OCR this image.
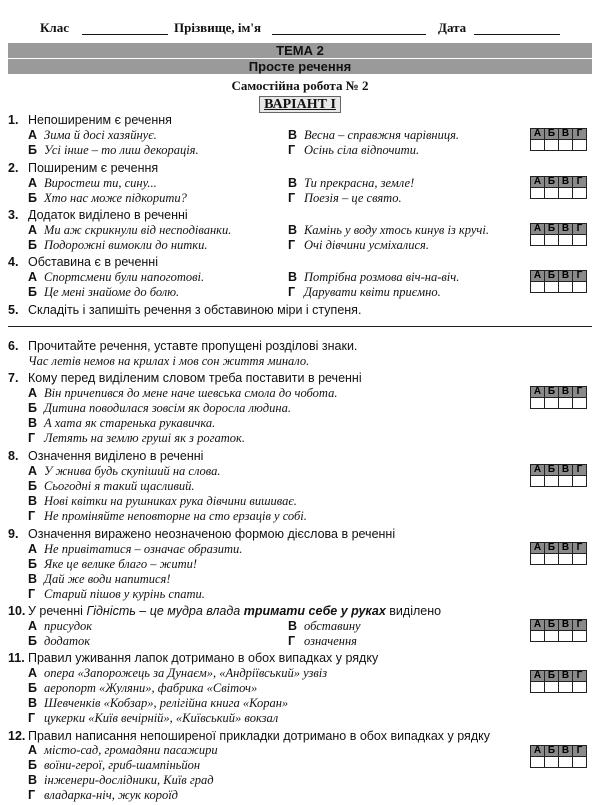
Клас	Прізвище, ім'я	Дата
ТЕМА 2
Просте речення
Самостійна робота № 2
ВАРІАНТ І
1. Непоширеним є речення
А Зима й досі хазяйнує.
Б Усі інше – то лиш декорація.
В Весна – справжня чарівниця.
Г Осінь сіла відпочити.
А	Б	В	Г

2. Поширеним є речення
А Виростеш ти, сину...
Б Хто нас може підкорити?
В Ти прекрасна, земле!
Г Поезія – це свято.
А	Б	В	Г

3. Додаток виділено в реченні
А Ми аж скрикнули від несподіванки.
Б Подорожні вимокли до нитки.
В Камінь у воду хтось кинув із кручі.
Г Очі дівчини усміхалися.
А	Б	В	Г

4. Обставина є в реченні
А Спортсмени були напоготові.
Б Це мені знайоме до болю.
В Потрібна розмова віч-на-віч.
Г Дарувати квіти приємно.
А	Б	В	Г

5. Складіть і запишіть речення з обставиною міри і ступеня.
6. Прочитайте речення, уставте пропущені розділові знаки.
Час летів немов на крилах і мов сон життя минало.
7. Кому перед виділеним словом треба поставити в реченні
А Він причепився до мене наче шевська смола до чобота.
Б Дитина поводилася зовсім як доросла людина.
В А хата як старенька рукавичка.
Г Летять на землю груші як з рогаток.
А	Б	В	Г

8. Означення виділено в реченні
А У жнива будь скупіший на слова.
Б Сьогодні я такий щасливий.
В Нові квітки на рушниках рука дівчини вишиває.
Г Не проміняйте неповторне на сто ерзаців у собі.
А	Б	В	Г

9. Означення виражено неозначеною формою дієслова в реченні
А Не привітатися – означає образити.
Б Яке це велике благо – жити!
В Дай же води напитися!
Г Старий пішов у курінь спати.
А	Б	В	Г

10. У реченні Гідність – це мудра влада тримати себе у руках виділено
А присудок
Б додаток
В обставину
Г означення
А	Б	В	Г

11. Правил уживання лапок дотримано в обох випадках у рядку
А опера «Запорожець за Дунаєм», «Андріївський» узвіз
Б аеропорт «Жуляни», фабрика «Світоч»
В Шевченків «Кобзар», релігійна книга «Коран»
Г цукерки «Київ вечірній», «Київський» вокзал
А	Б	В	Г

12. Правил написання непоширеної прикладки дотримано в обох випадках у рядку
А місто-сад, громадяни пасажири
Б воїни-герої, гриб-шампіньйон
В інженери-дослідники, Київ град
Г владарка-ніч, жук короїд
А	Б	В	Г
